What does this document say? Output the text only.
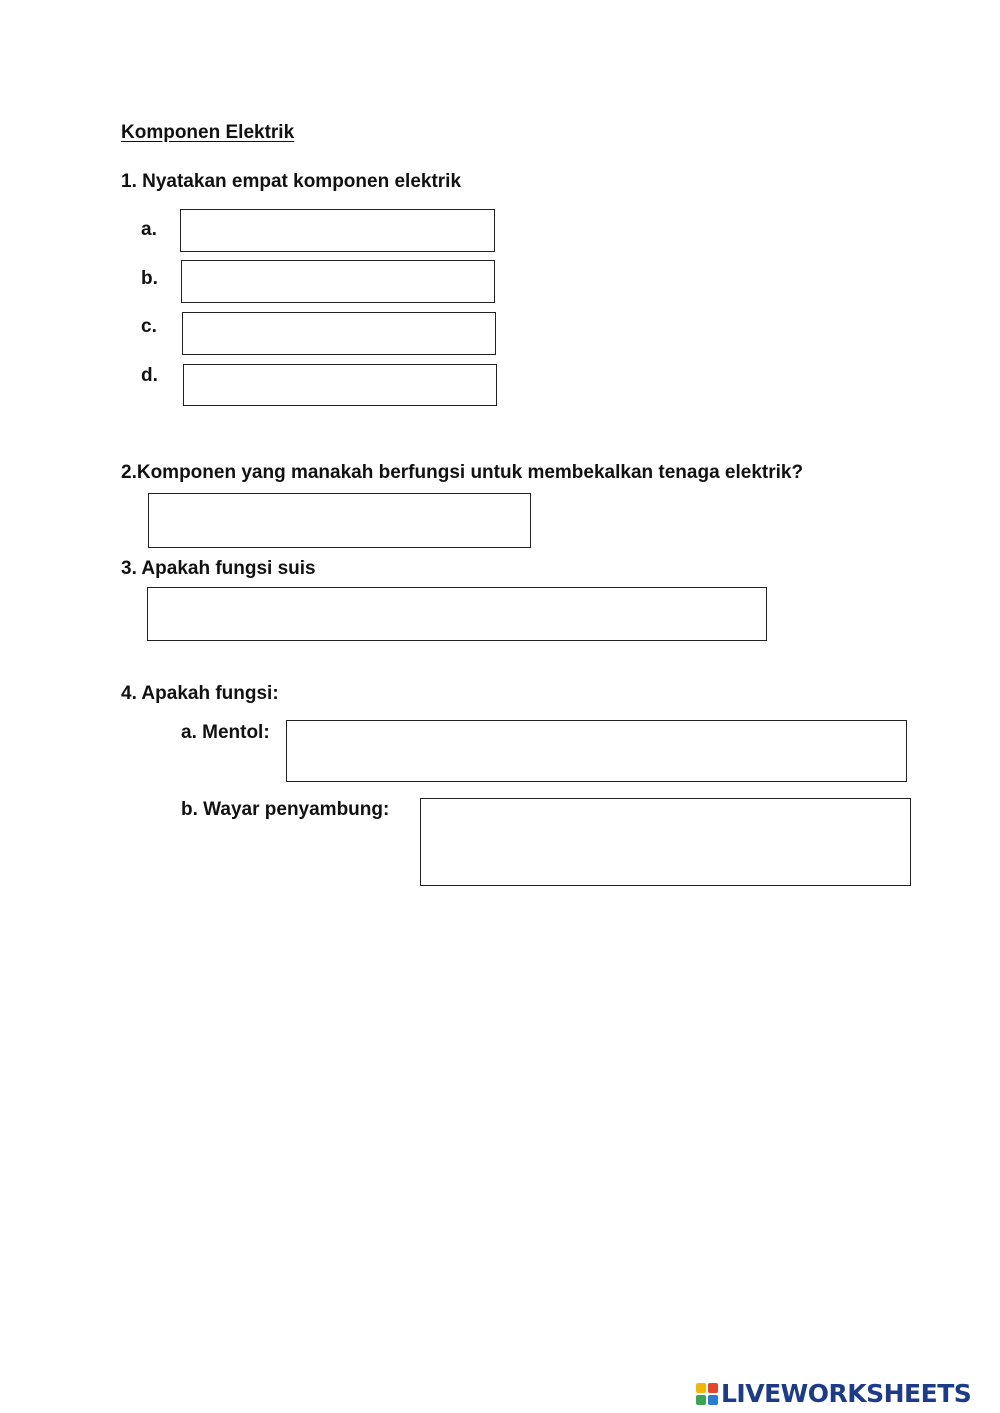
Komponen Elektrik
1. Nyatakan empat komponen elektrik
a.
b.
c.
d.
2.Komponen yang manakah berfungsi untuk membekalkan tenaga elektrik?
3. Apakah fungsi suis
4. Apakah fungsi:
a. Mentol:
b. Wayar penyambung:
LIVEWORKSHEETS
